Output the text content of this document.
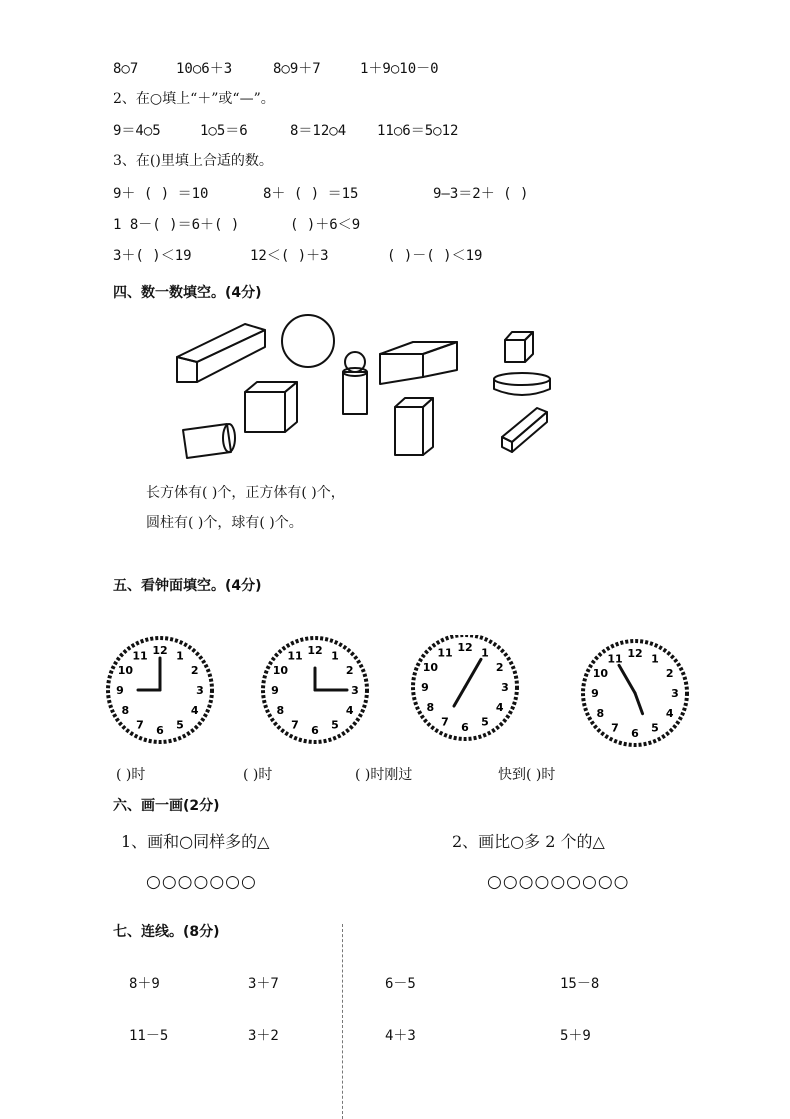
8○7	10○6＋3	8○9＋7	1＋9○10－0
2、在○填上“＋”或“—”。
9＝4○5	1○5＝6	8＝12○4 11○6＝5○12
3、在()里填上合适的数。
9＋ ( ) ＝10	8＋ ( ) ＝15	9—3＝2＋ ( )
1 8－( )＝6＋( )	( )＋6＜9
3＋( )＜19	12＜( )＋3	( )－( )＜19
四、数一数填空。(4分)
长方体有( )个，正方体有( )个，
圆柱有( )个，球有( )个。
五、看钟面填空。(4分)
12 1
2
3
4
5
6
7
8
9
10
11	12 1
2
3
4
5
6
7
8
9
10
11
12 1
2
3
4
5
6
7
8
9
10
11	12 1
2
3
4
5
6
7
8
9
10
11
( )时	( )时	( )时刚过	快到( )时
六、画一画(2分)
1、画和○同样多的△	2、画比○多 2 个的△
○○○○○○○	○○○○○○○○○
七、连线。(8分)
8＋9	3＋7	6－5	15－8
11－5	3＋2	4＋3	5＋9
